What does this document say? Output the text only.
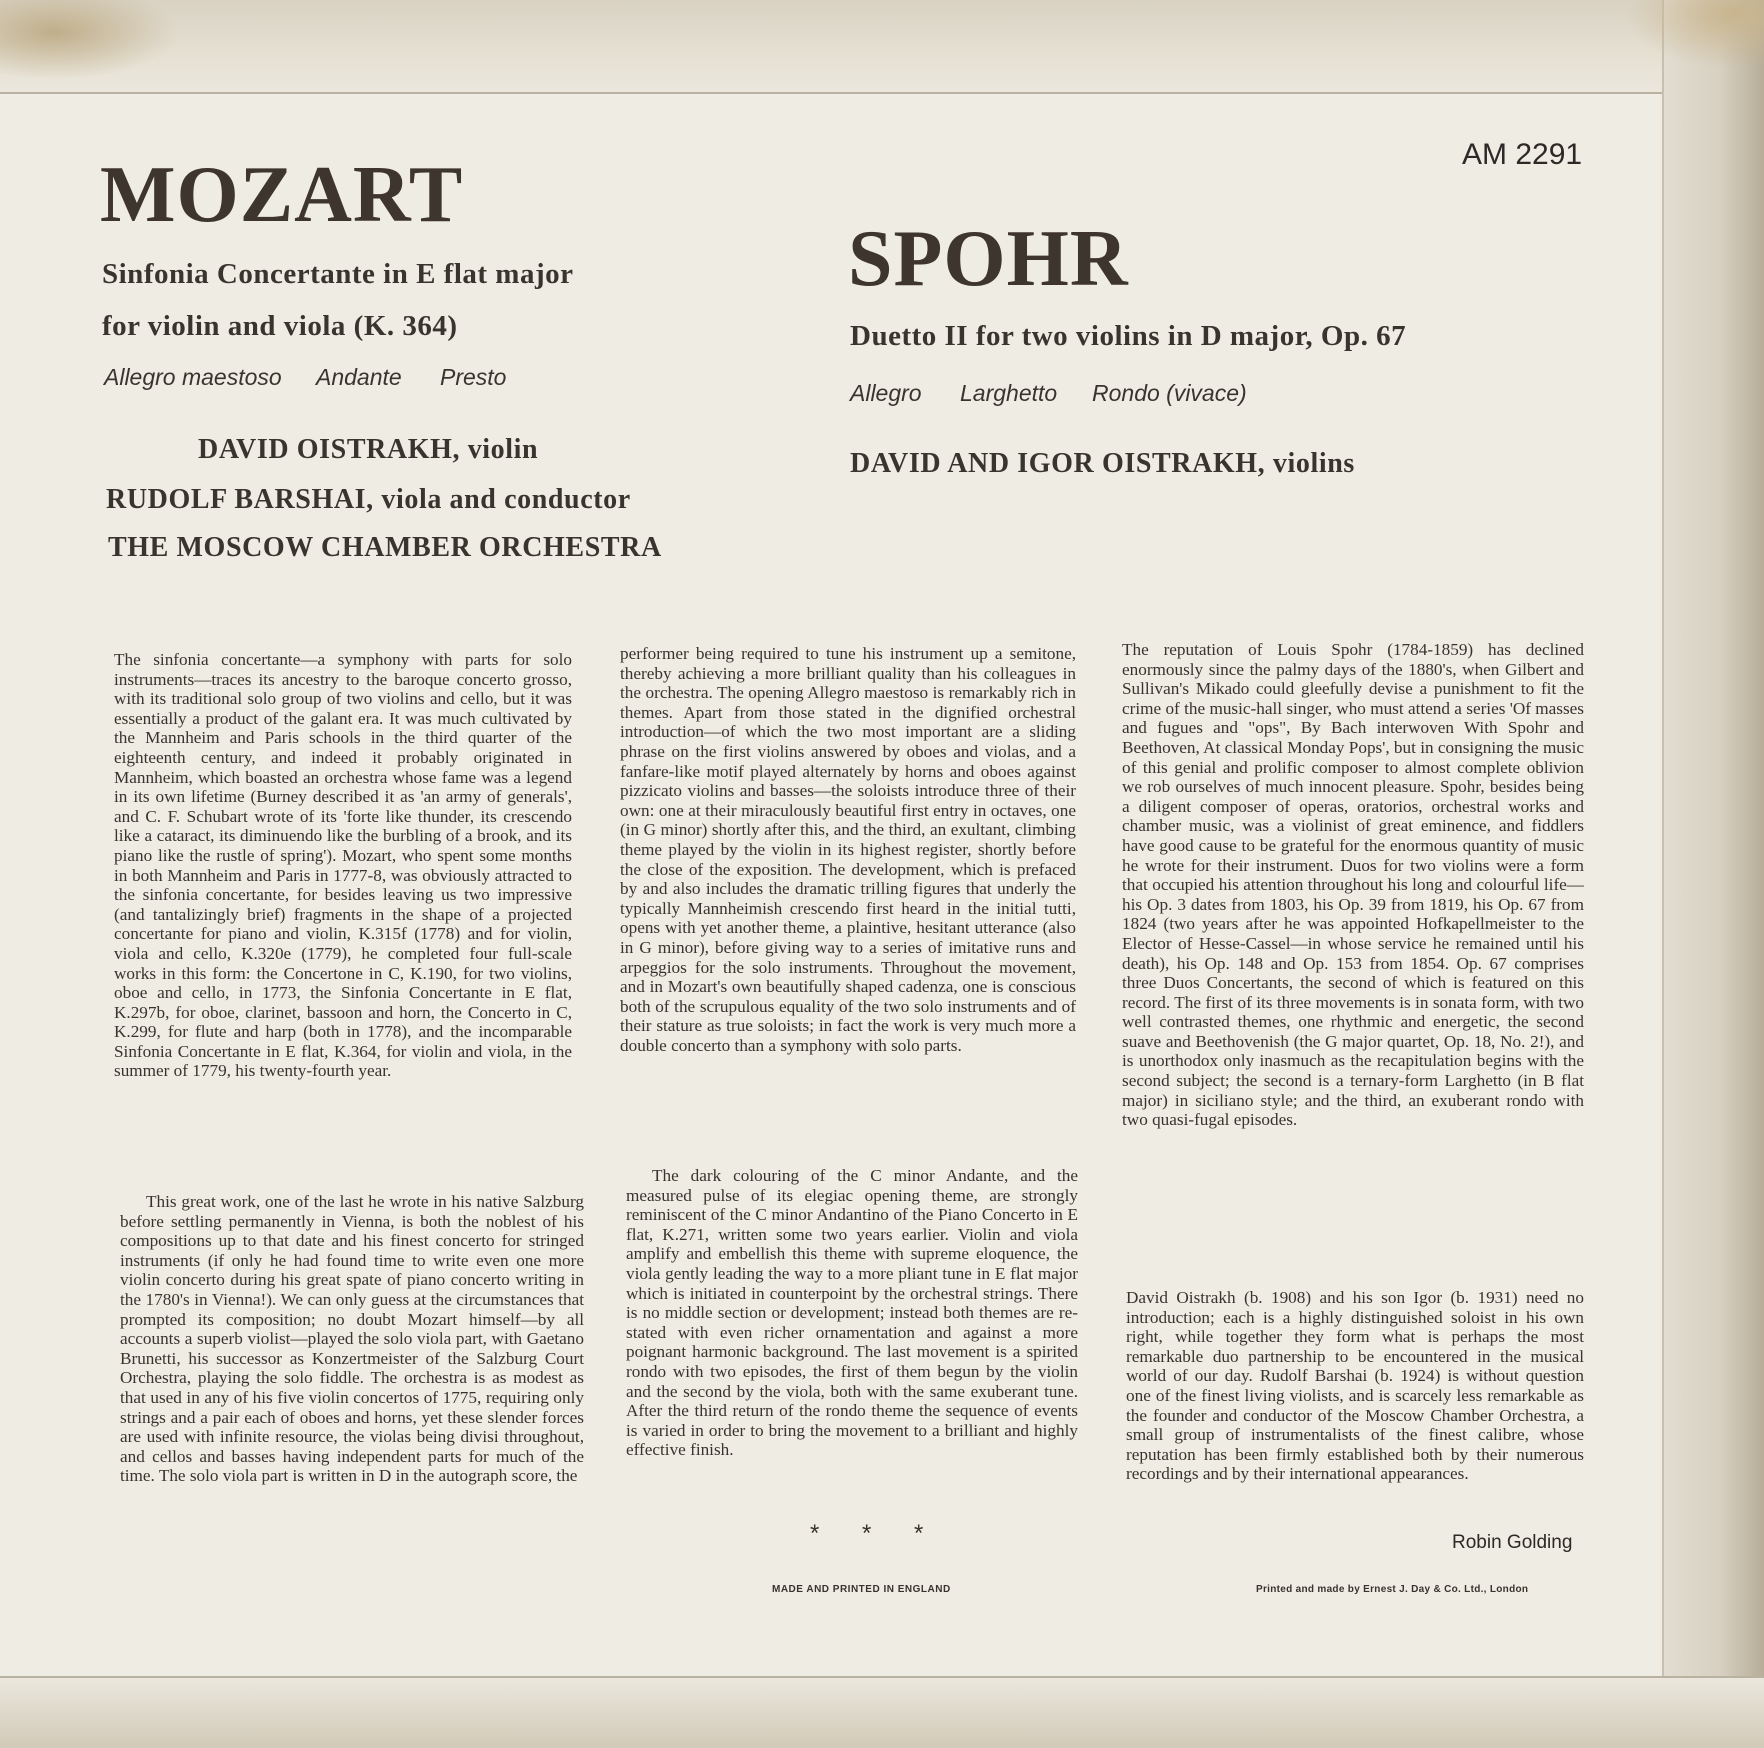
MOZART	AM 2291

SPOHR

Sinfonia Concertante in E flat major

for violin and viola (K. 364)	Duetto II for two violins in D major, Op. 67

Allegro maestoso Andante Presto
Allegro Larghetto Rondo (vivace)

DAVID OISTRAKH, violin

RUDOLF BARSHAI, viola and conductor

THE MOSCOW CHAMBER ORCHESTRA

DAVID AND IGOR OISTRAKH, violins

The sinfonia concertante—a symphony with parts for solo instruments—traces its ancestry to the baroque concerto grosso, with its traditional solo group of two violins and cello, but it was essentially a product of the galant era. It was much cultivated by the Mannheim and Paris schools in the third quarter of the eighteenth century, and indeed it probably originated in Mannheim, which boasted an orchestra whose fame was a legend in its own lifetime (Burney described it as 'an army of generals', and C. F. Schubart wrote of its 'forte like thunder, its crescendo like a cataract, its diminuendo like the burbling of a brook, and its piano like the rustle of spring'). Mozart, who spent some months in both Mannheim and Paris in 1777-8, was obviously attracted to the sinfonia concertante, for besides leaving us two impressive (and tantalizingly brief) fragments in the shape of a projected concertante for piano and violin, K.315f (1778) and for violin, viola and cello, K.320e (1779), he completed four full-scale works in this form: the Concertone in C, K.190, for two violins, oboe and cello, in 1773, the Sinfonia Concertante in E flat, K.297b, for oboe, clarinet, bassoon and horn, the Concerto in C, K.299, for flute and harp (both in 1778), and the incomparable Sinfonia Concertante in E flat, K.364, for violin and viola, in the summer of 1779, his twenty-fourth year.

This great work, one of the last he wrote in his native Salzburg before settling permanently in Vienna, is both the noblest of his compositions up to that date and his finest concerto for stringed instruments (if only he had found time to write even one more violin concerto during his great spate of piano concerto writing in the 1780's in Vienna!). We can only guess at the circumstances that prompted its composition; no doubt Mozart himself—by all accounts a superb violist—played the solo viola part, with Gaetano Brunetti, his successor as Konzertmeister of the Salzburg Court Orchestra, playing the solo fiddle. The orchestra is as modest as that used in any of his five violin concertos of 1775, requiring only strings and a pair each of oboes and horns, yet these slender forces are used with infinite resource, the violas being divisi throughout, and cellos and basses having independent parts for much of the time. The solo viola part is written in D in the autograph score, the

performer being required to tune his instrument up a semitone, thereby achieving a more brilliant quality than his colleagues in the orchestra. The opening Allegro maestoso is remarkably rich in themes. Apart from those stated in the dignified orchestral introduction—of which the two most important are a sliding phrase on the first violins answered by oboes and violas, and a fanfare-like motif played alternately by horns and oboes against pizzicato violins and basses—the soloists introduce three of their own: one at their miraculously beautiful first entry in octaves, one (in G minor) shortly after this, and the third, an exultant, climbing theme played by the violin in its highest register, shortly before the close of the exposition. The development, which is prefaced by and also includes the dramatic trilling figures that underly the typically Mannheimish crescendo first heard in the initial tutti, opens with yet another theme, a plaintive, hesitant utterance (also in G minor), before giving way to a series of imitative runs and arpeggios for the solo instruments. Throughout the movement, and in Mozart's own beautifully shaped cadenza, one is conscious both of the scrupulous equality of the two solo instruments and of their stature as true soloists; in fact the work is very much more a double concerto than a symphony with solo parts.

The dark colouring of the C minor Andante, and the measured pulse of its elegiac opening theme, are strongly reminiscent of the C minor Andantino of the Piano Concerto in E flat, K.271, written some two years earlier. Violin and viola amplify and embellish this theme with supreme eloquence, the viola gently leading the way to a more pliant tune in E flat major which is initiated in counterpoint by the orchestral strings. There is no middle section or development; instead both themes are re-stated with even richer ornamentation and against a more poignant harmonic background. The last movement is a spirited rondo with two episodes, the first of them begun by the violin and the second by the viola, both with the same exuberant tune. After the third return of the rondo theme the sequence of events is varied in order to bring the movement to a brilliant and highly effective finish.

* * *

The reputation of Louis Spohr (1784-1859) has declined enormously since the palmy days of the 1880's, when Gilbert and Sullivan's Mikado could gleefully devise a punishment to fit the crime of the music-hall singer, who must attend a series 'Of masses and fugues and "ops", By Bach interwoven With Spohr and Beethoven, At classical Monday Pops', but in consigning the music of this genial and prolific composer to almost complete oblivion we rob ourselves of much innocent pleasure. Spohr, besides being a diligent composer of operas, oratorios, orchestral works and chamber music, was a violinist of great eminence, and fiddlers have good cause to be grateful for the enormous quantity of music he wrote for their instrument. Duos for two violins were a form that occupied his attention throughout his long and colourful life—his Op. 3 dates from 1803, his Op. 39 from 1819, his Op. 67 from 1824 (two years after he was appointed Hofkapellmeister to the Elector of Hesse-Cassel—in whose service he remained until his death), his Op. 148 and Op. 153 from 1854. Op. 67 comprises three Duos Concertants, the second of which is featured on this record. The first of its three movements is in sonata form, with two well contrasted themes, one rhythmic and energetic, the second suave and Beethovenish (the G major quartet, Op. 18, No. 2!), and is unorthodox only inasmuch as the recapitulation begins with the second subject; the second is a ternary-form Larghetto (in B flat major) in siciliano style; and the third, an exuberant rondo with two quasi-fugal episodes.

David Oistrakh (b. 1908) and his son Igor (b. 1931) need no introduction; each is a highly distinguished soloist in his own right, while together they form what is perhaps the most remarkable duo partnership to be encountered in the musical world of our day. Rudolf Barshai (b. 1924) is without question one of the finest living violists, and is scarcely less remarkable as the founder and conductor of the Moscow Chamber Orchestra, a small group of instrumentalists of the finest calibre, whose reputation has been firmly established both by their numerous recordings and by their international appearances.

Robin Golding

MADE AND PRINTED IN ENGLAND	Printed and made by Ernest J. Day & Co. Ltd., London
